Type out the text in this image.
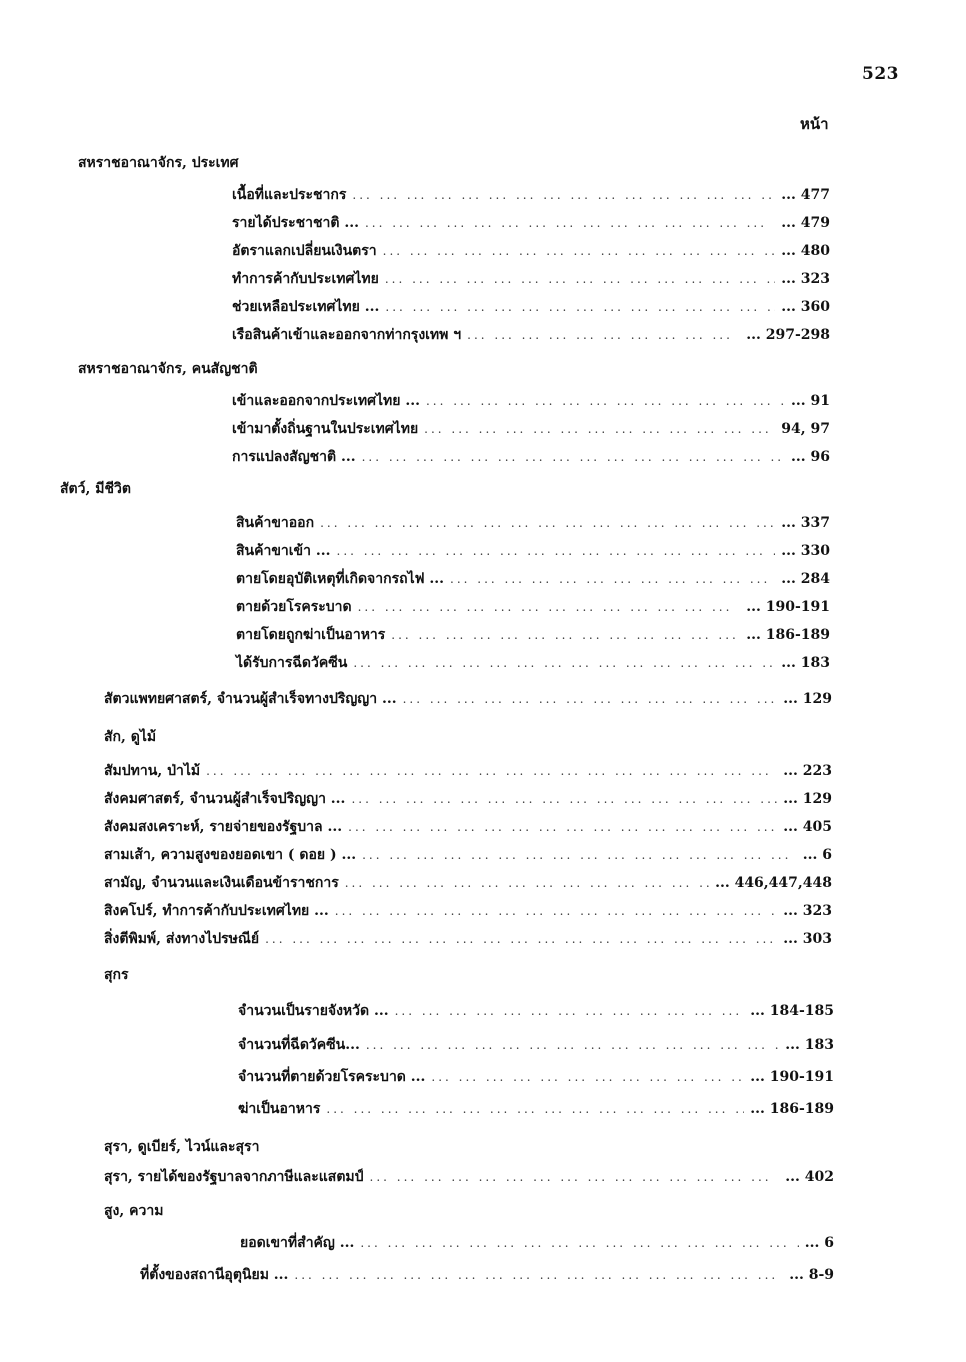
523
หน้า
สหราชอาณาจักร, ประเทศ
เนื้อที่และประชากร ... .	... 477
รายได้ประชาชาติ ... ... .	... 479
อัตราแลกเปลี่ยนเงินตรา ... .	... 480
ทำการค้ากับประเทศไทย ... .	... 323
ช่วยเหลือประเทศไทย ... ... .	... 360
เรือสินค้าเข้าและออกจากท่ากรุงเทพ ฯ ... .	... 297-298
สหราชอาณาจักร, คนสัญชาติ
เข้าและออกจากประเทศไทย ... ... .	... 91
เข้ามาตั้งถิ่นฐานในประเทศไทย ... .	94, 97
การแปลงสัญชาติ ... ... .	... 96
สัตว์, มีชีวิต
สินค้าขาออก ... .	... 337
สินค้าขาเข้า ... ... .	... 330
ตายโดยอุบัติเหตุที่เกิดจากรถไฟ ... ... .	... 284
ตายด้วยโรคระบาด ... .	... 190-191
ตายโดยถูกฆ่าเป็นอาหาร ... .	... 186-189
ได้รับการฉีดวัคซีน ... .	... 183
สัตวแพทยศาสตร์, จำนวนผู้สำเร็จทางปริญญา ... ... .	... 129
สัก, ดูไม้
สัมปทาน, ป่าไม้ ... .	... 223
สังคมศาสตร์, จำนวนผู้สำเร็จปริญญา ... ... .	... 129
สังคมสงเคราะห์, รายจ่ายของรัฐบาล ... ... .	... 405
สามเส้า, ความสูงของยอดเขา ( ดอย ) ... ... .	... 6
สามัญ, จำนวนและเงินเดือนข้าราชการ ... .	... 446,447,448
สิงคโปร์, ทำการค้ากับประเทศไทย ... ... .	... 323
สิ่งตีพิมพ์, ส่งทางไปรษณีย์ ... .	... 303
สุกร
จำนวนเป็นรายจังหวัด ... ... .	... 184-185
จำนวนที่ฉีดวัคซีน... ... .	... 183
จำนวนที่ตายด้วยโรคระบาด ... ... .	... 190-191
ฆ่าเป็นอาหาร ... .	... 186-189
สุรา, ดูเบียร์, ไวน์และสุรา
สุรา, รายได้ของรัฐบาลจากภาษีและแสตมป์ ... .	... 402
สูง, ความ
ยอดเขาที่สำคัญ ... ... .	... 6
ที่ตั้งของสถานีอุตุนิยม ... ... .	... 8-9
